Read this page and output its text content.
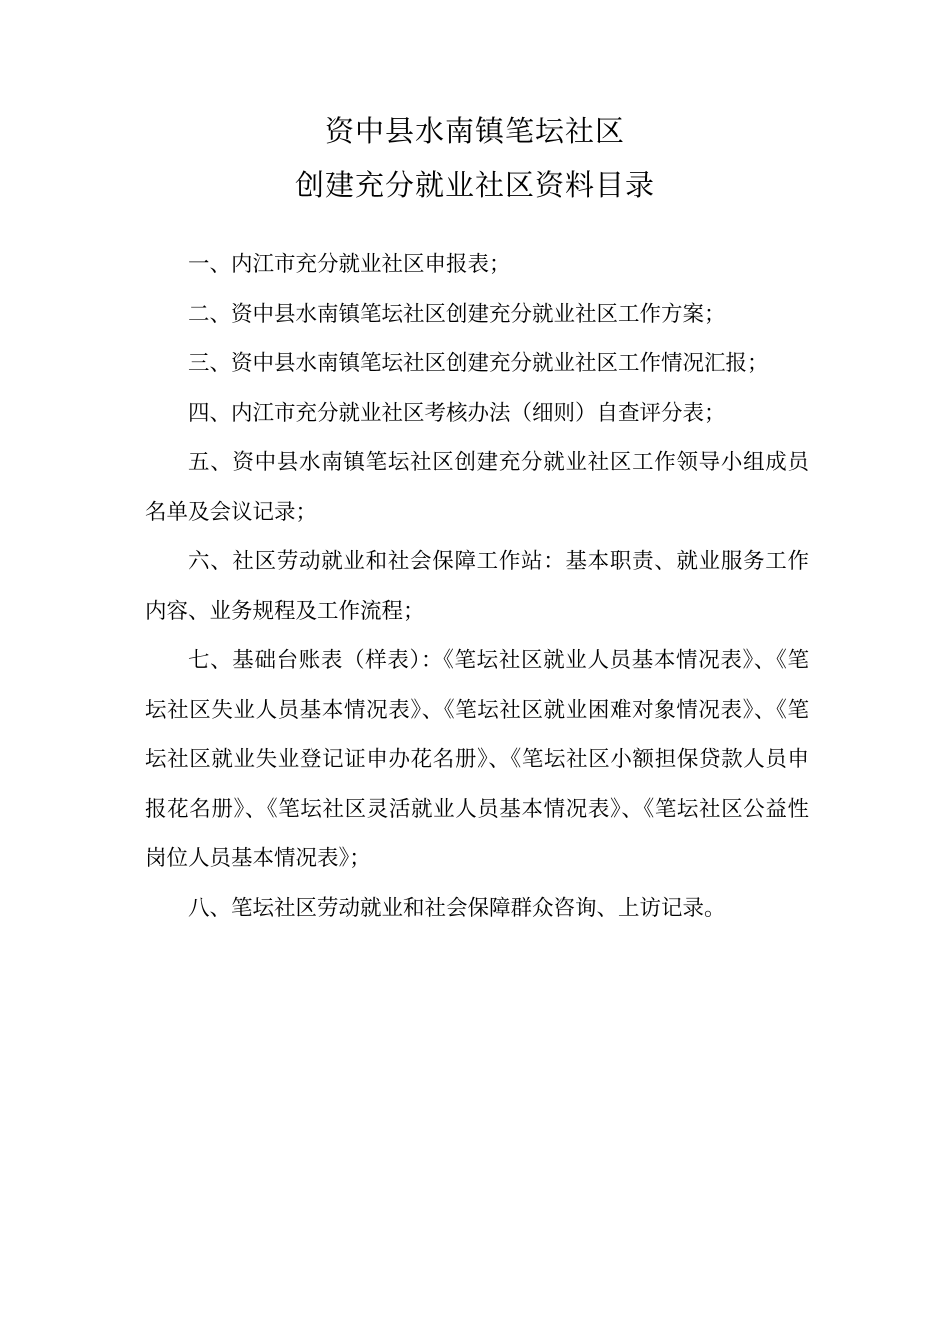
资中县水南镇笔坛社区
创建充分就业社区资料目录

一、内江市充分就业社区申报表；

二、资中县水南镇笔坛社区创建充分就业社区工作方案；

三、资中县水南镇笔坛社区创建充分就业社区工作情况汇报；

四、内江市充分就业社区考核办法（细则）自查评分表；

五、资中县水南镇笔坛社区创建充分就业社区工作领导小组成员名单及会议记录；

六、社区劳动就业和社会保障工作站：基本职责、就业服务工作内容、业务规程及工作流程；

七、基础台账表（样表）：《笔坛社区就业人员基本情况表》、《笔坛社区失业人员基本情况表》、《笔坛社区就业困难对象情况表》、《笔坛社区就业失业登记证申办花名册》、《笔坛社区小额担保贷款人员申报花名册》、《笔坛社区灵活就业人员基本情况表》、《笔坛社区公益性岗位人员基本情况表》；

八、笔坛社区劳动就业和社会保障群众咨询、上访记录。
